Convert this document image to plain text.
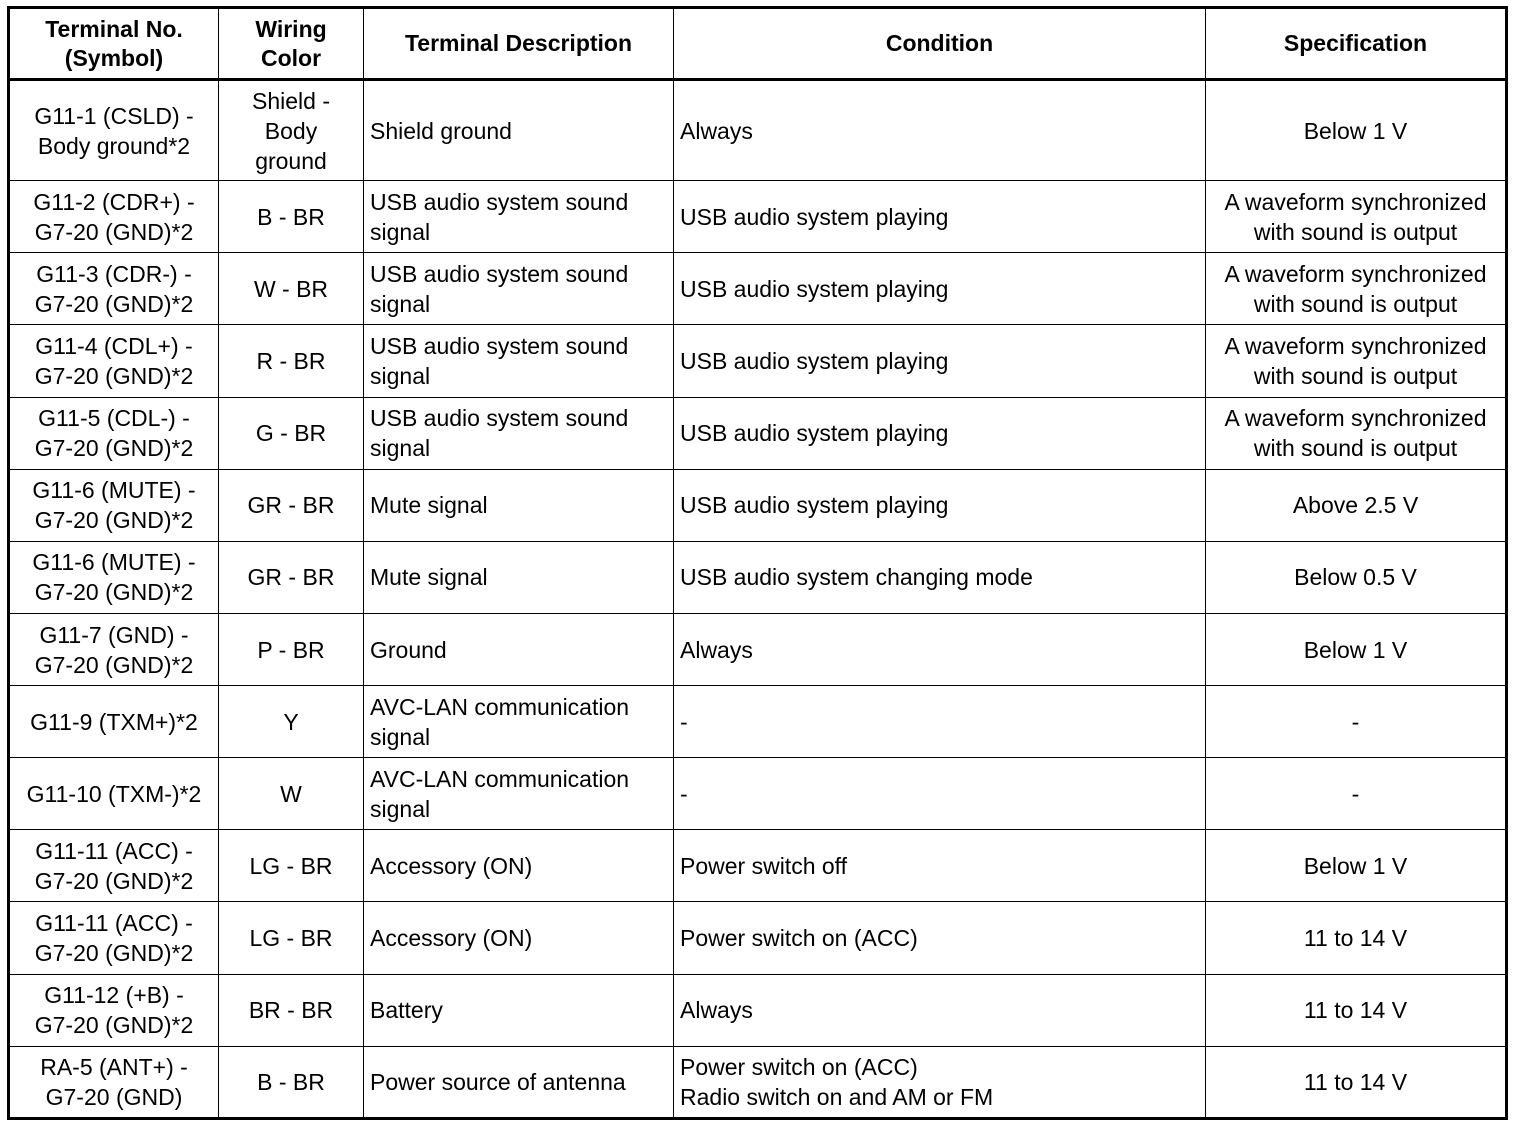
Terminal No.
(Symbol)	Wiring
Color	Terminal Description	Condition	Specification
G11-1 (CSLD) -
Body ground*2	Shield -
Body
ground	Shield ground	Always	Below 1 V
G11-2 (CDR+) -
G7-20 (GND)*2	B - BR	USB audio system sound
signal	USB audio system playing	A waveform synchronized
with sound is output
G11-3 (CDR-) -
G7-20 (GND)*2	W - BR	USB audio system sound
signal	USB audio system playing	A waveform synchronized
with sound is output
G11-4 (CDL+) -
G7-20 (GND)*2	R - BR	USB audio system sound
signal	USB audio system playing	A waveform synchronized
with sound is output
G11-5 (CDL-) -
G7-20 (GND)*2	G - BR	USB audio system sound
signal	USB audio system playing	A waveform synchronized
with sound is output
G11-6 (MUTE) -
G7-20 (GND)*2	GR - BR	Mute signal	USB audio system playing	Above 2.5 V
G11-6 (MUTE) -
G7-20 (GND)*2	GR - BR	Mute signal	USB audio system changing mode	Below 0.5 V
G11-7 (GND) -
G7-20 (GND)*2	P - BR	Ground	Always	Below 1 V
G11-9 (TXM+)*2	Y	AVC-LAN communication
signal	-	-
G11-10 (TXM-)*2	W	AVC-LAN communication
signal	-	-
G11-11 (ACC) -
G7-20 (GND)*2	LG - BR	Accessory (ON)	Power switch off	Below 1 V
G11-11 (ACC) -
G7-20 (GND)*2	LG - BR	Accessory (ON)	Power switch on (ACC)	11 to 14 V
G11-12 (+B) -
G7-20 (GND)*2	BR - BR	Battery	Always	11 to 14 V
RA-5 (ANT+) -
G7-20 (GND)	B - BR	Power source of antenna	Power switch on (ACC)
Radio switch on and AM or FM	11 to 14 V
